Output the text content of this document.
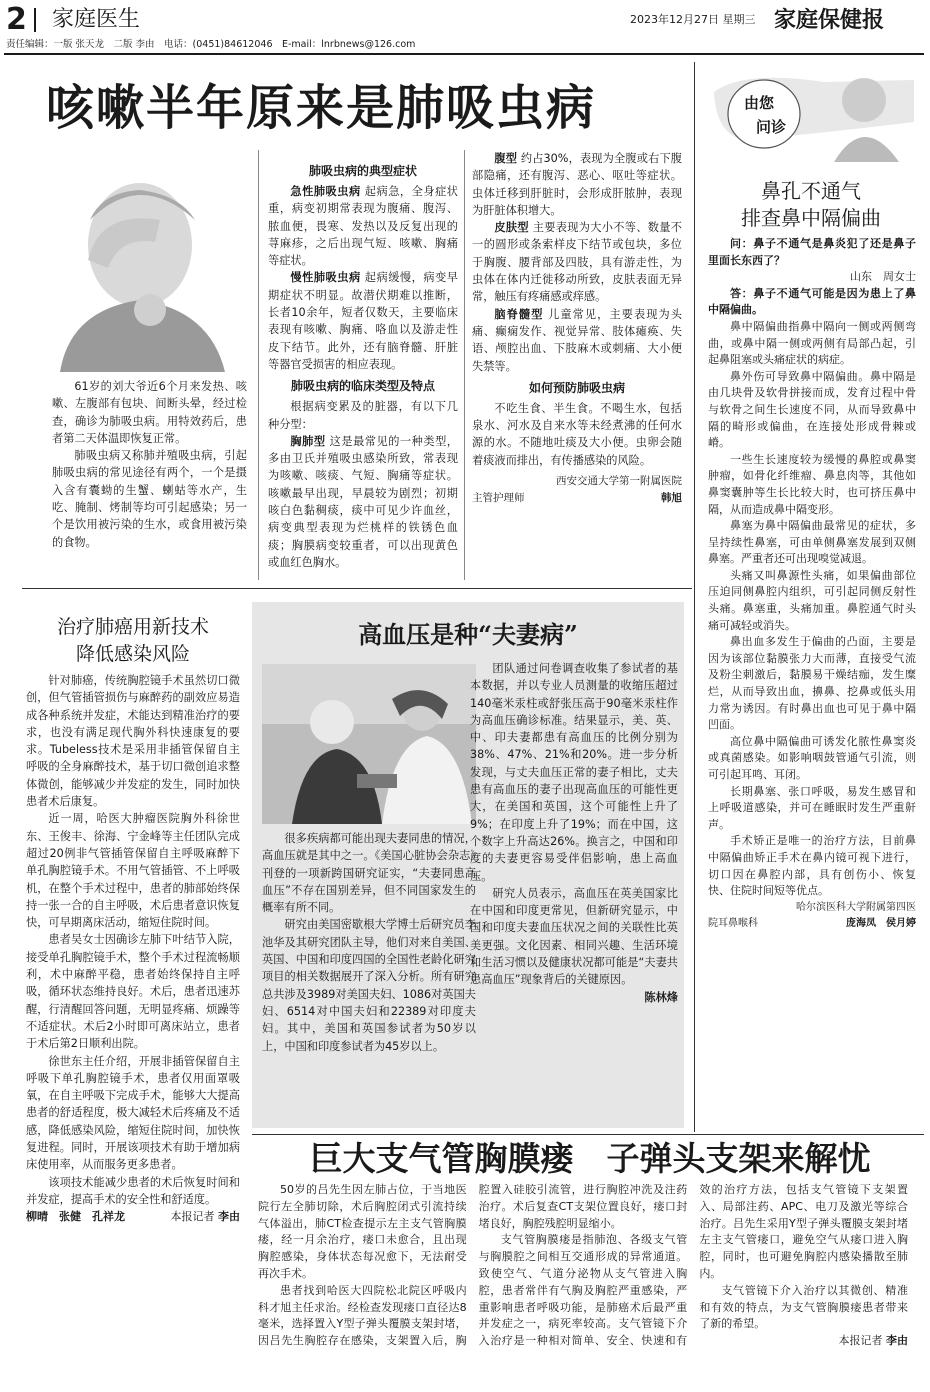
2 家庭医生	2023年12月27日 星期三 家庭保健报
责任编辑：一版 张天龙　二版 李由　电话：(0451)84612046　E-mail：lnrbnews@126.com
咳嗽半年原来是肺吸虫病

61岁的刘大爷近6个月来发热、咳嗽、左腹部有包块、间断头晕，经过检查，确诊为肺吸虫病。用特效药后，患者第二天体温即恢复正常。

肺吸虫病又称肺并殖吸虫病，引起肺吸虫病的常见途径有两个，一个是摄入含有囊蚴的生蟹、蝲蛄等水产，生吃、腌制、烤制等均可引起感染；另一个是饮用被污染的生水，或食用被污染的食物。

肺吸虫病的典型症状

急性肺吸虫病 起病急，全身症状重，病变初期常表现为腹痛、腹泻、脓血便，畏寒、发热以及反复出现的荨麻疹，之后出现气短、咳嗽、胸痛等症状。

慢性肺吸虫病 起病缓慢，病变早期症状不明显。故潜伏期难以推断，长者10余年，短者仅数天，主要临床表现有咳嗽、胸痛、咯血以及游走性皮下结节。此外，还有脑脊髓、肝脏等器官受损害的相应表现。

肺吸虫病的临床类型及特点

根据病变累及的脏器，有以下几种分型：

胸肺型 这是最常见的一种类型，多由卫氏并殖吸虫感染所致，常表现为咳嗽、咳痰、气短、胸痛等症状。咳嗽最早出现，早晨较为剧烈；初期咳白色黏稠痰，痰中可见少许血丝，病变典型表现为烂桃样的铁锈色血痰；胸膜病变较重者，可以出现黄色或血红色胸水。

腹型 约占30%，表现为全腹或右下腹部隐痛，还有腹泻、恶心、呕吐等症状。虫体迁移到肝脏时，会形成肝脓肿，表现为肝脏体积增大。

皮肤型 主要表现为大小不等、数量不一的圆形或条索样皮下结节或包块，多位于胸腹、腰背部及四肢，具有游走性，为虫体在体内迁徙移动所致，皮肤表面无异常，触压有疼痛感或痒感。

脑脊髓型 儿童常见，主要表现为头痛、癫痫发作、视觉异常、肢体瘫痪、失语、颅腔出血、下肢麻木或刺痛、大小便失禁等。

如何预防肺吸虫病

不吃生食、半生食。不喝生水，包括泉水、河水及自来水等未经煮沸的任何水源的水。不随地吐痰及大小便。虫卵会随着痰液而排出，有传播感染的风险。

西安交通大学第一附属医院
主管护理师	韩旭
由您
问诊
鼻孔不通气
排查鼻中隔偏曲
问：鼻子不通气是鼻炎犯了还是鼻子里面长东西了？
山东　周女士

答：鼻子不通气可能是因为患上了鼻中隔偏曲。

鼻中隔偏曲指鼻中隔向一侧或两侧弯曲，或鼻中隔一侧或两侧有局部凸起，引起鼻阻塞或头痛症状的病症。

鼻外伤可导致鼻中隔偏曲。鼻中隔是由几块骨及软骨拼接而成，发育过程中骨与软骨之间生长速度不同，从而导致鼻中隔的畸形或偏曲，在连接处形成骨棘或嵴。

一些生长速度较为缓慢的鼻腔或鼻窦肿瘤，如骨化纤维瘤、鼻息肉等，其他如鼻窦囊肿等生长比较大时，也可挤压鼻中隔，从而造成鼻中隔变形。

鼻塞为鼻中隔偏曲最常见的症状，多呈持续性鼻塞，可由单侧鼻塞发展到双侧鼻塞。严重者还可出现嗅觉减退。

头痛又叫鼻源性头痛，如果偏曲部位压迫同侧鼻腔内组织，可引起同侧反射性头痛。鼻塞重，头痛加重。鼻腔通气时头痛可减轻或消失。

鼻出血多发生于偏曲的凸面，主要是因为该部位黏膜张力大而薄，直接受气流及粉尘刺激后，黏膜易干燥结痂，发生糜烂，从而导致出血，擤鼻、挖鼻或低头用力常为诱因。有时鼻出血也可见于鼻中隔凹面。

高位鼻中隔偏曲可诱发化脓性鼻窦炎或真菌感染。如影响咽鼓管通气引流，则可引起耳鸣、耳闭。

长期鼻塞、张口呼吸，易发生感冒和上呼吸道感染，并可在睡眠时发生严重鼾声。

手术矫正是唯一的治疗方法，目前鼻中隔偏曲矫正手术在鼻内镜可视下进行，切口因在鼻腔内部，具有创伤小、恢复快、住院时间短等优点。

哈尔滨医科大学附属第四医
院耳鼻喉科	庞海凤　侯月婷
治疗肺癌用新技术
降低感染风险

针对肺癌，传统胸腔镜手术虽然切口微创，但气管插管损伤与麻醉药的副效应易造成各种系统并发症，术能达到精准治疗的要求，也没有满足现代胸外科快速康复的要求。Tubeless技术是采用非插管保留自主呼吸的全身麻醉技术，基于切口微创追求整体微创，能够减少并发症的发生，同时加快患者术后康复。

近一周，哈医大肿瘤医院胸外科徐世东、王俊丰、徐海、宁金峰等主任团队完成超过20例非气管插管保留自主呼吸麻醉下单孔胸腔镜手术。不用气管插管、不上呼吸机，在整个手术过程中，患者的肺部始终保持一张一合的自主呼吸，术后患者意识恢复快，可早期离床活动，缩短住院时间。

患者吴女士因确诊左肺下叶结节入院，接受单孔胸腔镜手术，整个手术过程流畅顺利，术中麻醉平稳，患者始终保持自主呼吸，循环状态维持良好。术后，患者迅速苏醒，行清醒回答问题，无明显疼痛、烦躁等不适症状。术后2小时即可离床站立，患者于术后第2日顺利出院。

徐世东主任介绍，开展非插管保留自主呼吸下单孔胸腔镜手术，患者仅用面罩吸氧，在自主呼吸下完成手术，能够大大提高患者的舒适程度，极大减轻术后疼痛及不适感，降低感染风险，缩短住院时间，加快恢复进程。同时，开展该项技术有助于增加病床使用率，从而服务更多患者。

该项技术能减少患者的术后恢复时间和并发症，提高手术的安全性和舒适度。

柳晴　张健　孔祥龙	本报记者 李由
高血压是种“夫妻病”

很多疾病都可能出现夫妻同患的情况，高血压就是其中之一。《美国心脏协会杂志》刊登的一项新跨国研究证实，“夫妻同患高血压”不存在国别差异，但不同国家发生的概率有所不同。

研究由美国密歇根大学博士后研究员李池华及其研究团队主导，他们对来自美国、英国、中国和印度四国的全国性老龄化研究项目的相关数据展开了深入分析。所有研究总共涉及3989对美国夫妇、1086对英国夫妇、6514对中国夫妇和22389对印度夫妇。其中，美国和英国参试者为50岁以上，中国和印度参试者为45岁以上。

团队通过问卷调查收集了参试者的基本数据，并以专业人员测量的收缩压超过140毫米汞柱或舒张压高于90毫米汞柱作为高血压确诊标准。结果显示，美、英、中、印夫妻都患有高血压的比例分别为38%、47%、21%和20%。进一步分析发现，与丈夫血压正常的妻子相比，丈夫患有高血压的妻子出现高血压的可能性更大，在美国和英国，这个可能性上升了9%；在印度上升了19%；而在中国，这个数字上升高达26%。换言之，中国和印度的夫妻更容易受伴侣影响，患上高血压。

研究人员表示，高血压在英美国家比在中国和印度更常见，但新研究显示，中国和印度夫妻血压状况之间的关联性比英美更强。文化因素、相同兴趣、生活环境和生活习惯以及健康状况都可能是“夫妻共患高血压”现象背后的关键原因。

陈林烽
巨大支气管胸膜瘘　子弹头支架来解忧

50岁的吕先生因左肺占位，于当地医院行左全肺切除，术后胸腔闭式引流持续气体溢出，肺CT检查提示左主支气管胸膜瘘，经一月余治疗，瘘口未愈合，且出现胸腔感染，身体状态每况愈下，无法耐受再次手术。

患者找到哈医大四院松北院区呼吸内科才旭主任求治。经检查发现瘘口直径达8毫米，选择置入Y型子弹头覆膜支架封堵，因吕先生胸腔存在感染，支架置入后，胸腔置入硅胶引流管，进行胸腔冲洗及注药治疗。术后复查CT支架位置良好，瘘口封堵良好，胸腔残腔明显缩小。

支气管胸膜瘘是指肺泡、各级支气管与胸膜腔之间相互交通形成的异常通道。致使空气、气道分泌物从支气管进入胸腔，患者常伴有气胸及胸腔严重感染，严重影响患者呼吸功能，是肺癌术后最严重并发症之一，病死率较高。支气管镜下介入治疗是一种相对简单、安全、快速和有效的治疗方法，包括支气管镜下支架置入、局部注药、APC、电刀及激光等综合治疗。吕先生采用Y型子弹头覆膜支架封堵左主支气管瘘口，避免空气从瘘口进入胸腔，同时，也可避免胸腔内感染播散至肺内。

支气管镜下介入治疗以其微创、精准和有效的特点，为支气管胸膜瘘患者带来了新的希望。

本报记者 李由
